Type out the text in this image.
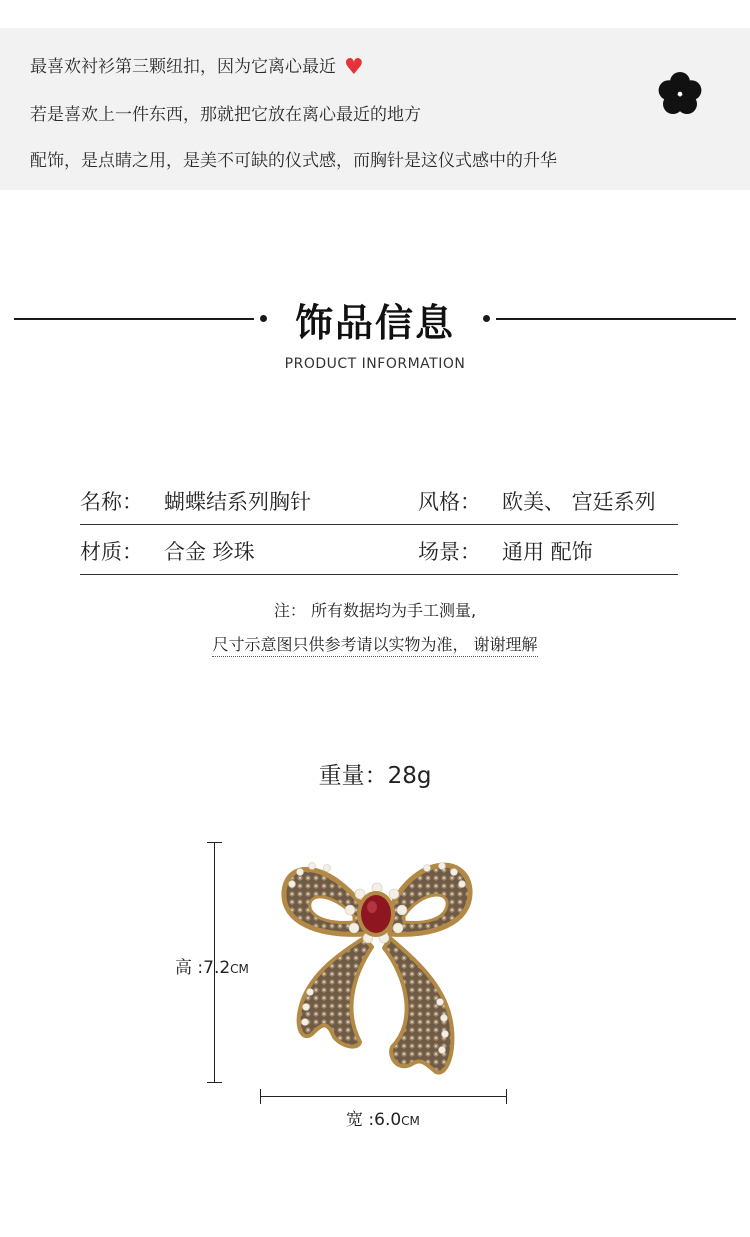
最喜欢衬衫第三颗纽扣，因为它离心最近 ♥
若是喜欢上一件东西，那就把它放在离心最近的地方
配饰，是点睛之用，是美不可缺的仪式感，而胸针是这仪式感中的升华
饰品信息
PRODUCT INFORMATION
名称： 蝴蝶结系列胸针	风格： 欧美、 宫廷系列
材质： 合金 珍珠	场景： 通用 配饰
注： 所有数据均为手工测量,
尺寸示意图只供参考请以实物为准， 谢谢理解
重量：28g
高 :7.2CM
宽 :6.0CM
